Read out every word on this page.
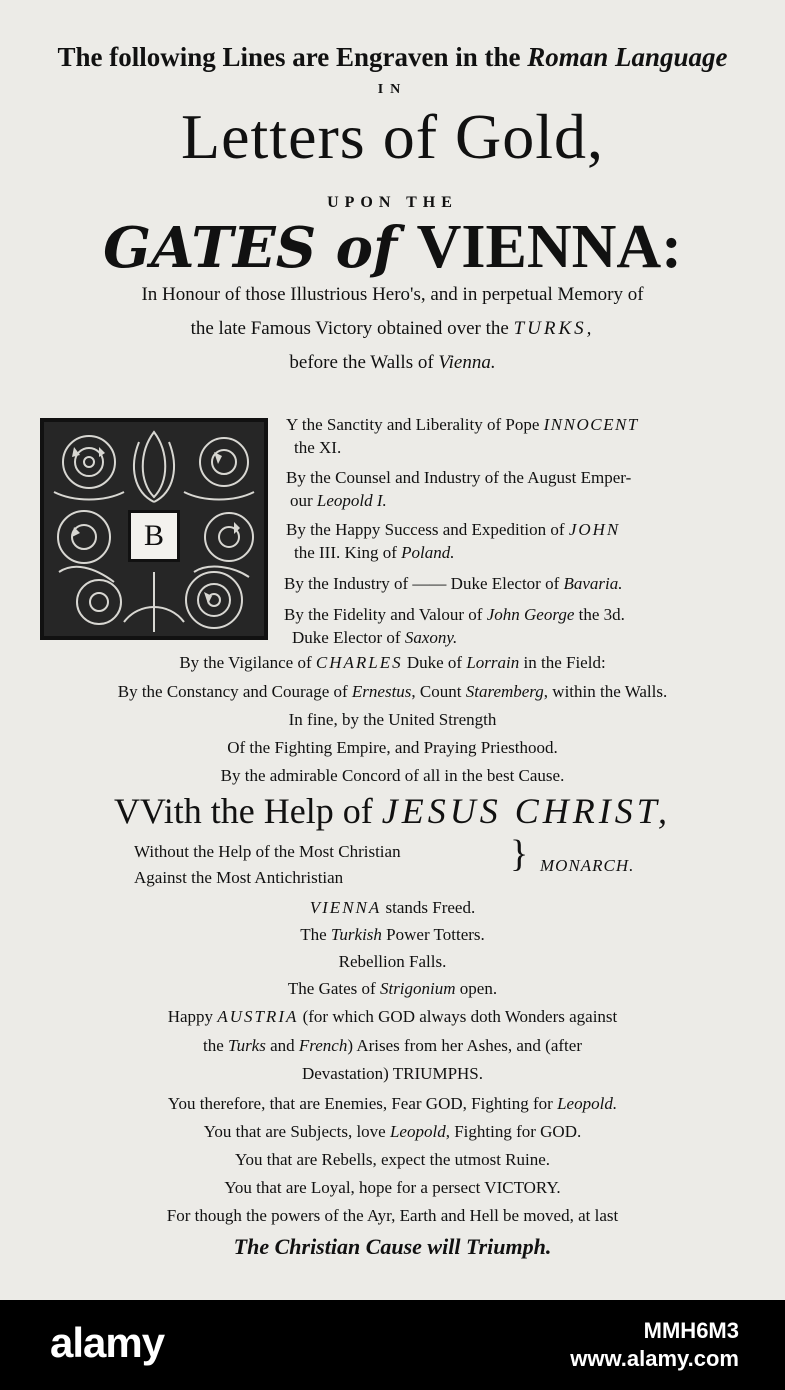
The following Lines are Engraven in the Roman Language
IN
Letters of Gold,
UPON THE
GATES of VIENNA:
In Honour of those Illustrious Hero's, and in perpetual Memory of
the late Famous Victory obtained over the TURKS,
before the Walls of Vienna.
B
Y the Sanctity and Liberality of Pope INNOCENT
the XI.
By the Counsel and Industry of the August Emper-
our Leopold I.
By the Happy Success and Expedition of JOHN
the III. King of Poland.
By the Industry of —— Duke Elector of Bavaria.
By the Fidelity and Valour of John George the 3d.
Duke Elector of Saxony.
By the Vigilance of CHARLES Duke of Lorrain in the Field:
By the Constancy and Courage of Ernestus, Count Staremberg, within the Walls.
In fine, by the United Strength
Of the Fighting Empire, and Praying Priesthood.
By the admirable Concord of all in the best Cause.
VVith the Help of JESUS CHRIST,
Without the Help of the Most Christian
Against the Most Antichristian
} MONARCH.
VIENNA stands Freed.
The Turkish Power Totters.
Rebellion Falls.
The Gates of Strigonium open.
Happy AUSTRIA (for which GOD always doth Wonders against
the Turks and French) Arises from her Ashes, and (after
Devastation) TRIUMPHS.
You therefore, that are Enemies, Fear GOD, Fighting for Leopold.
You that are Subjects, love Leopold, Fighting for GOD.
You that are Rebells, expect the utmost Ruine.
You that are Loyal, hope for a persect VICTORY.
For though the powers of the Ayr, Earth and Hell be moved, at last
The Christian Cause will Triumph.
alamy	MMH6M3
www.alamy.com
